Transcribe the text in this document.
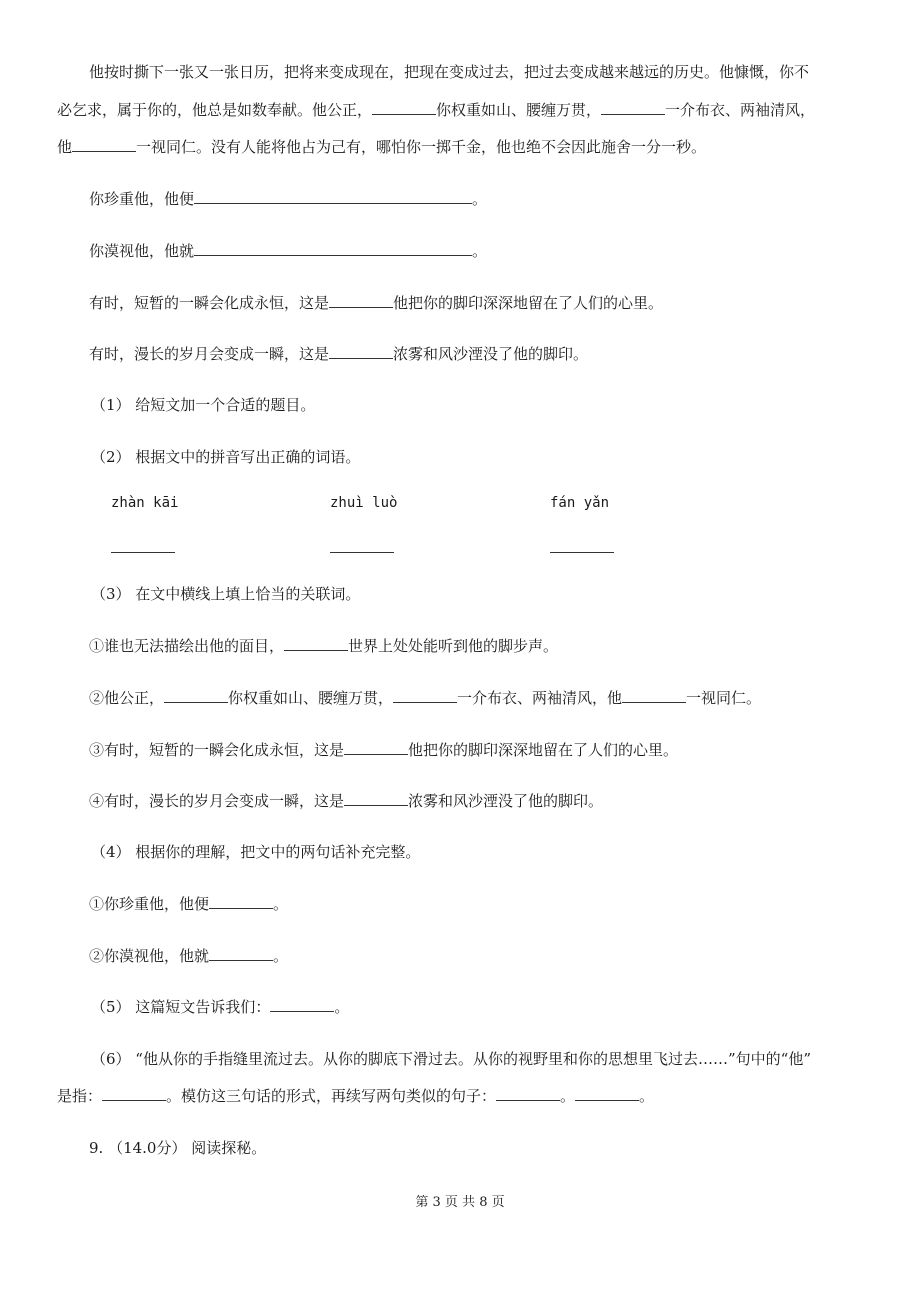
他按时撕下一张又一张日历，把将来变成现在，把现在变成过去，把过去变成越来越远的历史。他慷慨，你不
必乞求，属于你的，他总是如数奉献。他公正，	你权重如山、腰缠万贯，	一介布衣、两袖清风，
他	一视同仁。没有人能将他占为己有，哪怕你一掷千金，他也绝不会因此施舍一分一秒。
你珍重他，他便	。
你漠视他，他就	。
有时，短暂的一瞬会化成永恒，这是	他把你的脚印深深地留在了人们的心里。
有时，漫长的岁月会变成一瞬，这是	浓雾和风沙湮没了他的脚印。
（1） 给短文加一个合适的题目。
（2） 根据文中的拼音写出正确的词语。
zhàn kāi	zhuì luò	fán yǎn
（3） 在文中横线上填上恰当的关联词。
①谁也无法描绘出他的面目，	世界上处处能听到他的脚步声。
②他公正，	你权重如山、腰缠万贯，	一介布衣、两袖清风，他	一视同仁。
③有时，短暂的一瞬会化成永恒，这是	他把你的脚印深深地留在了人们的心里。
④有时，漫长的岁月会变成一瞬，这是	浓雾和风沙湮没了他的脚印。
（4） 根据你的理解，把文中的两句话补充完整。
①你珍重他，他便	。
②你漠视他，他就	。
（5） 这篇短文告诉我们：	。
（6） “他从你的手指缝里流过去。从你的脚底下滑过去。从你的视野里和你的思想里飞过去……”句中的“他”
是指：	。模仿这三句话的形式，再续写两句类似的句子：	。	。
9. （14.0分） 阅读探秘。
第 3 页 共 8 页
